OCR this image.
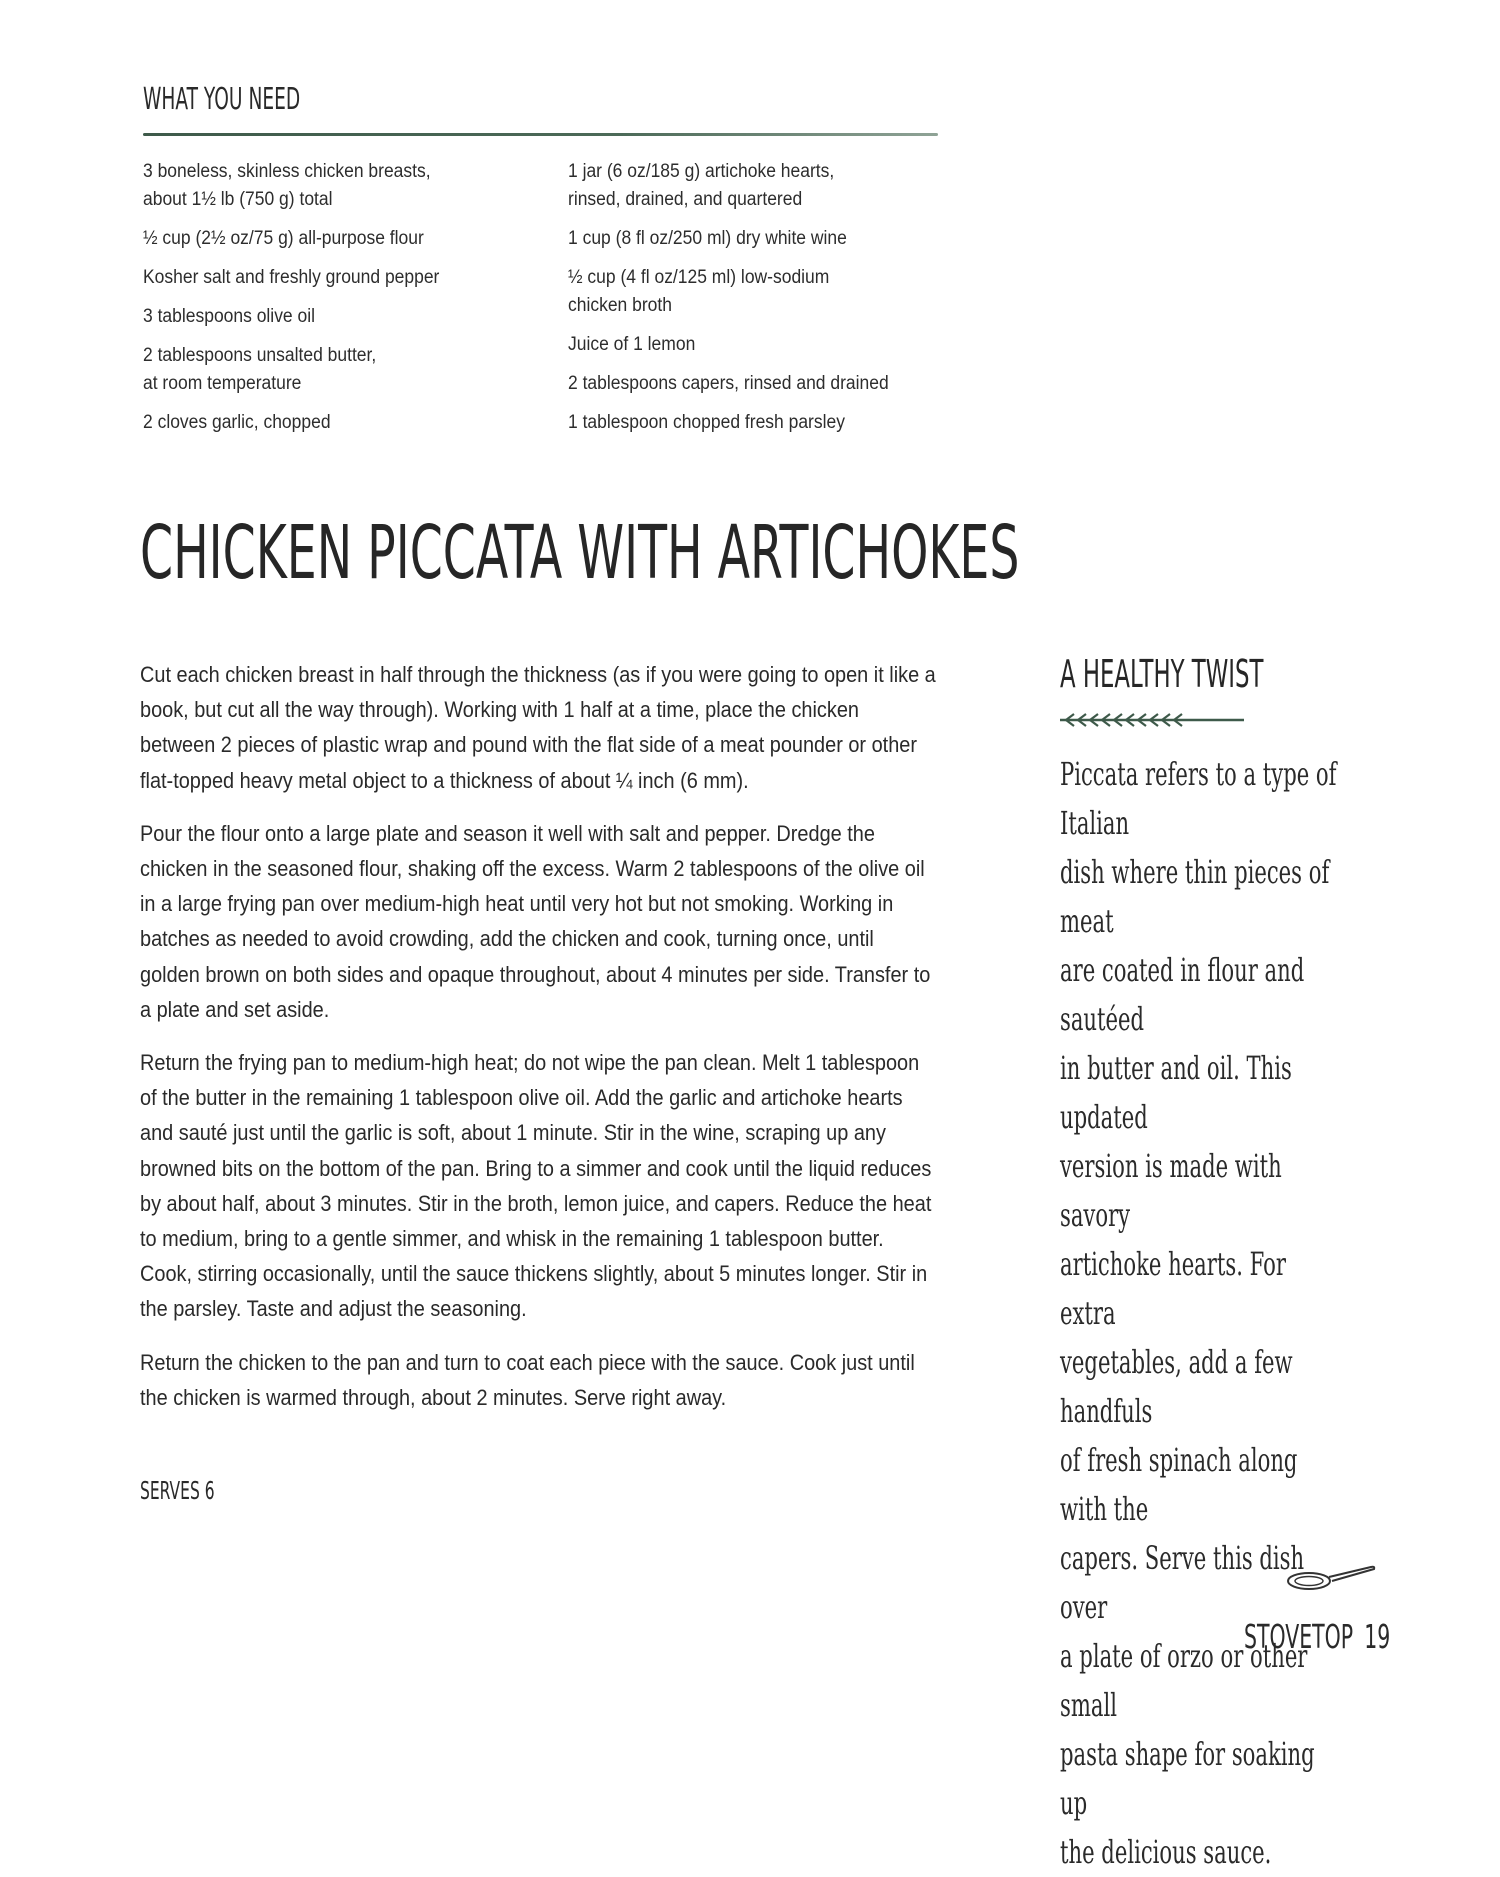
WHAT YOU NEED

3 boneless, skinless chicken breasts,
about 1½ lb (750 g) total

½ cup (2½ oz/75 g) all-purpose flour

Kosher salt and freshly ground pepper

3 tablespoons olive oil

2 tablespoons unsalted butter,
at room temperature

2 cloves garlic, chopped

1 jar (6 oz/185 g) artichoke hearts,
rinsed, drained, and quartered

1 cup (8 fl oz/250 ml) dry white wine

½ cup (4 fl oz/125 ml) low-sodium
chicken broth

Juice of 1 lemon

2 tablespoons capers, rinsed and drained

1 tablespoon chopped fresh parsley

CHICKEN PICCATA WITH ARTICHOKES

Cut each chicken breast in half through the thickness (as if you were going to open it like a book, but cut all the way through). Working with 1 half at a time, place the chicken between 2 pieces of plastic wrap and pound with the flat side of a meat pounder or other flat-topped heavy metal object to a thickness of about ¼ inch (6 mm).

Pour the flour onto a large plate and season it well with salt and pepper. Dredge the chicken in the seasoned flour, shaking off the excess. Warm 2 tablespoons of the olive oil in a large frying pan over medium-high heat until very hot but not smoking. Working in batches as needed to avoid crowding, add the chicken and cook, turning once, until golden brown on both sides and opaque throughout, about 4 minutes per side. Transfer to a plate and set aside.

Return the frying pan to medium-high heat; do not wipe the pan clean. Melt 1 tablespoon of the butter in the remaining 1 tablespoon olive oil. Add the garlic and artichoke hearts and sauté just until the garlic is soft, about 1 minute. Stir in the wine, scraping up any browned bits on the bottom of the pan. Bring to a simmer and cook until the liquid reduces by about half, about 3 minutes. Stir in the broth, lemon juice, and capers. Reduce the heat to medium, bring to a gentle simmer, and whisk in the remaining 1 tablespoon butter. Cook, stirring occasionally, until the sauce thickens slightly, about 5 minutes longer. Stir in the parsley. Taste and adjust the seasoning.

Return the chicken to the pan and turn to coat each piece with the sauce. Cook just until the chicken is warmed through, about 2 minutes. Serve right away.

SERVES 6

A HEALTHY TWIST

Piccata refers to a type of Italian
dish where thin pieces of meat
are coated in flour and sautéed
in butter and oil. This updated
version is made with savory
artichoke hearts. For extra
vegetables, add a few handfuls
of fresh spinach along with the
capers. Serve this dish over
a plate of orzo or other small
pasta shape for soaking up
the delicious sauce.

STOVETOP 19
